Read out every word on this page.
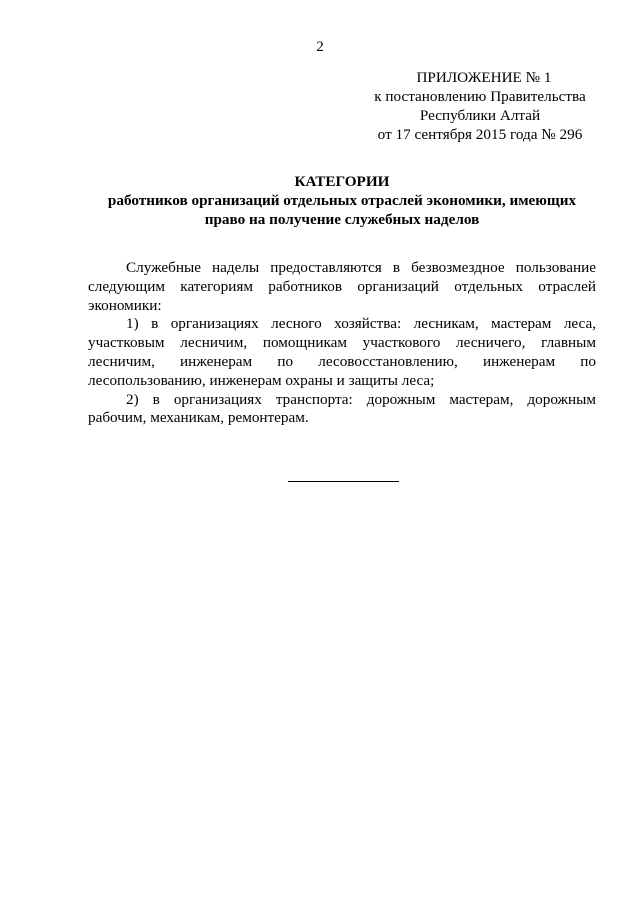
2
ПРИЛОЖЕНИЕ № 1
к постановлению Правительства
Республики Алтай
от 17 сентября 2015 года № 296
КАТЕГОРИИ
работников организаций отдельных отраслей экономики, имеющих право на получение служебных наделов

Служебные наделы предоставляются в безвозмездное пользование следующим категориям работников организаций отдельных отраслей экономики:

1) в организациях лесного хозяйства: лесникам, мастерам леса, участковым лесничим, помощникам участкового лесничего, главным лесничим, инженерам по лесовосстановлению, инженерам по лесопользованию, инженерам охраны и защиты леса;

2) в организациях транспорта: дорожным мастерам, дорожным рабочим, механикам, ремонтерам.
